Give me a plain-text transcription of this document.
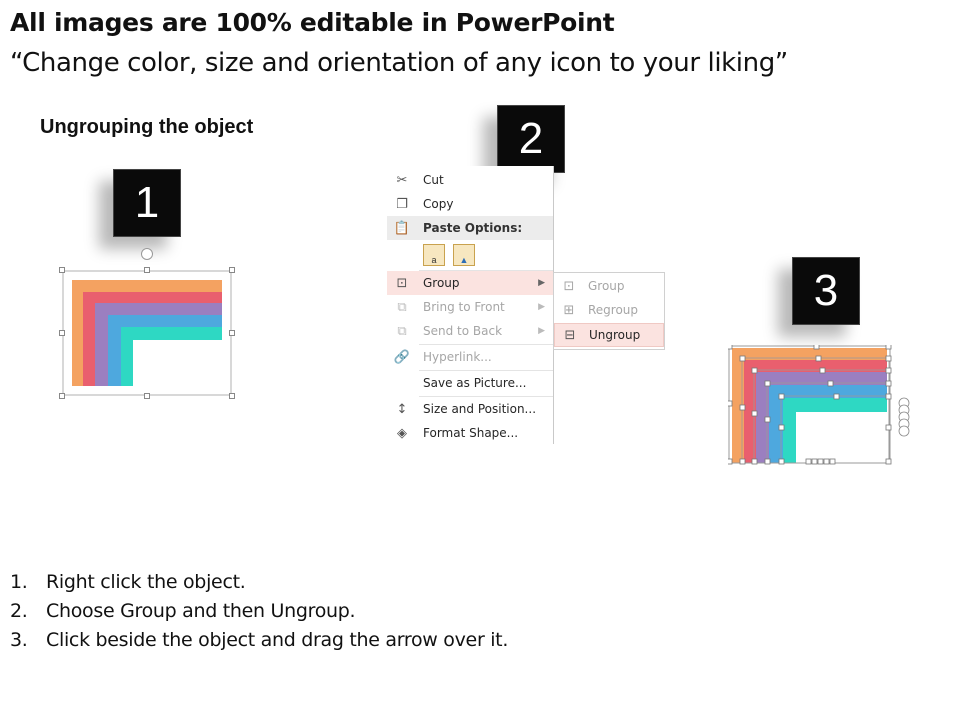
All images are 100% editable in PowerPoint
“Change color, size and orientation of any icon to your liking”
Ungrouping the object
1
2
3
✂ Cut
❐ Copy
📋 Paste Options:
a	▲
⊡ Group	▶
⧉	Bring to Front	▶
⧉	Send to Back	▶
🔗 Hyperlink...
Save as Picture...
↕ Size and Position...
◈	Format Shape...
⊡ Group
⊞ Regroup
⊟ Ungroup
1. Right click the object.
2. Choose Group and then Ungroup.
3. Click beside the object and drag the arrow over it.
